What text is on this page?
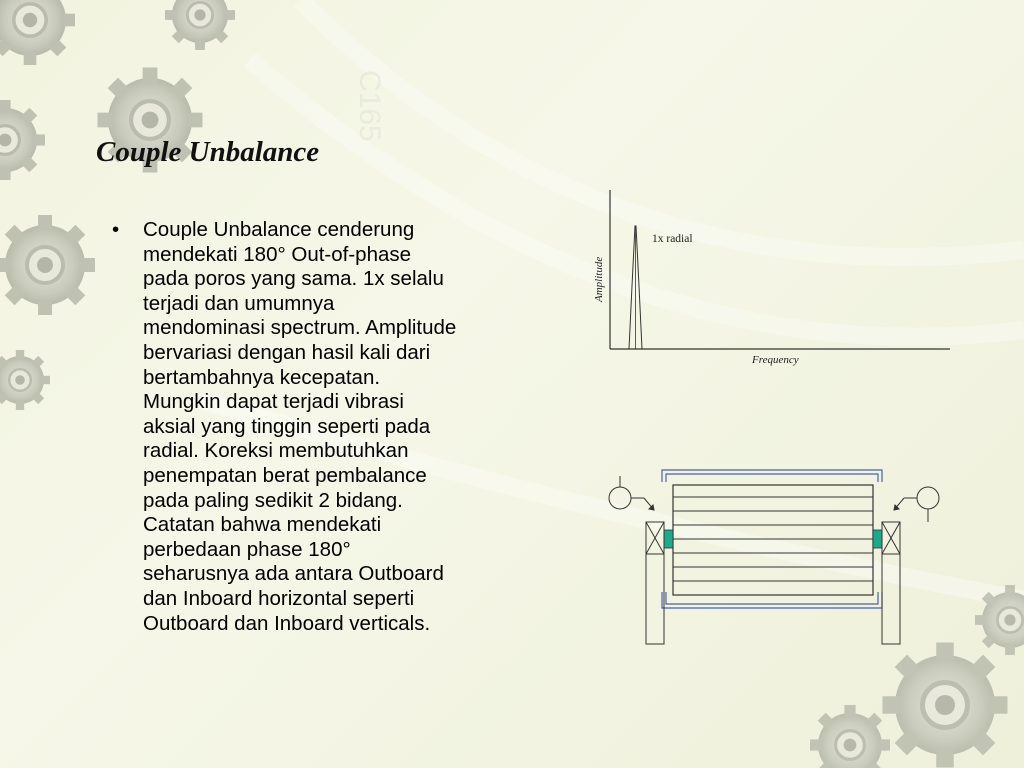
C165
Couple Unbalance
• Couple Unbalance cenderung
mendekati 180° Out-of-phase
pada poros yang sama. 1x selalu
terjadi dan umumnya
mendominasi spectrum. Amplitude
bervariasi dengan hasil kali dari
bertambahnya kecepatan.
Mungkin dapat terjadi vibrasi
aksial yang tinggin seperti pada
radial. Koreksi membutuhkan
penempatan berat pembalance
pada paling sedikit 2 bidang.
Catatan bahwa mendekati
perbedaan phase 180°
seharusnya ada antara Outboard
dan Inboard horizontal seperti
Outboard dan Inboard verticals.
1x radial
Amplitude
Frequency
